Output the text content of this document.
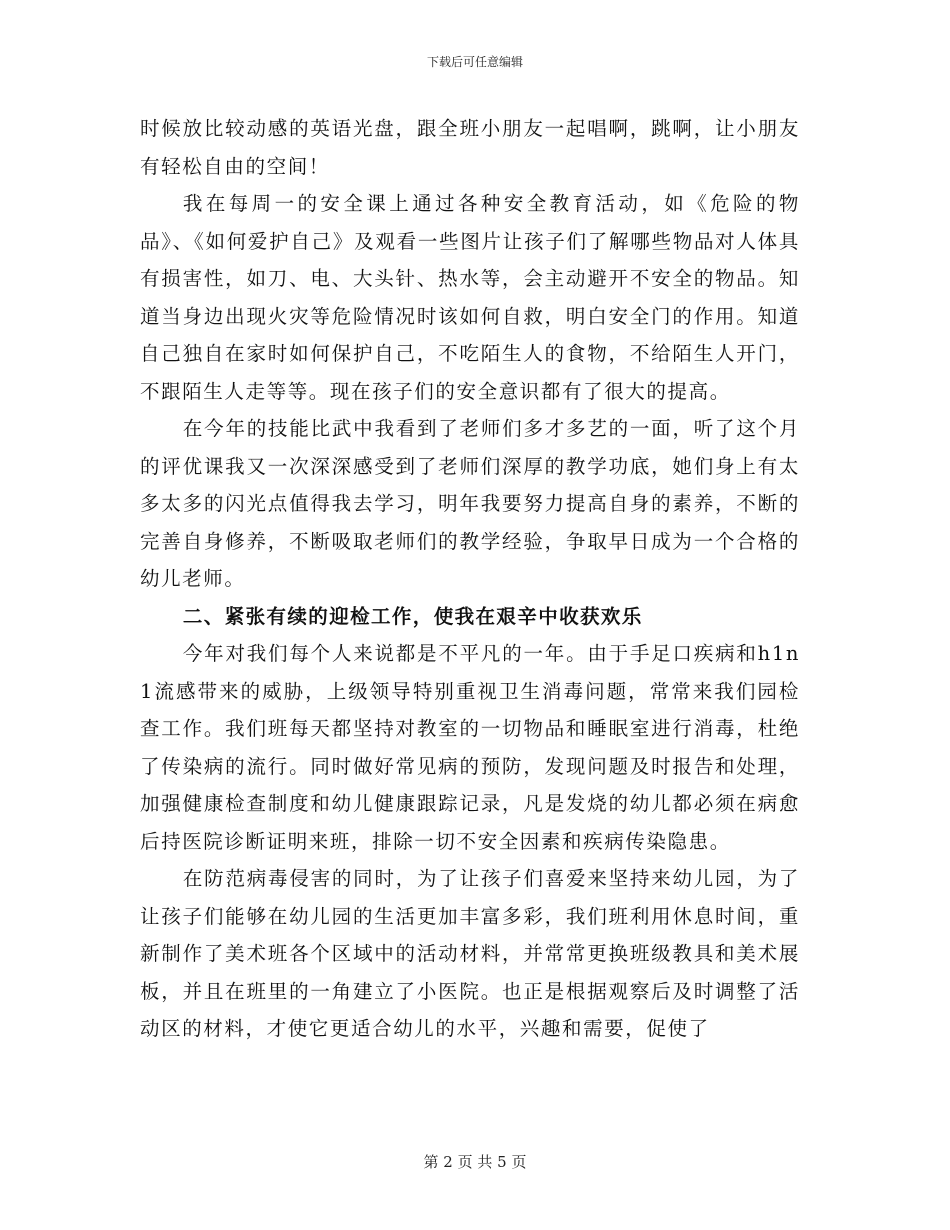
下载后可任意编辑

时候放比较动感的英语光盘，跟全班小朋友一起唱啊，跳啊，让小朋友有轻松自由的空间！

我在每周一的安全课上通过各种安全教育活动，如《危险的物品》、《如何爱护自己》及观看一些图片让孩子们了解哪些物品对人体具有损害性，如刀、电、大头针、热水等，会主动避开不安全的物品。知道当身边出现火灾等危险情况时该如何自救，明白安全门的作用。知道自己独自在家时如何保护自己，不吃陌生人的食物，不给陌生人开门，不跟陌生人走等等。现在孩子们的安全意识都有了很大的提高。

在今年的技能比武中我看到了老师们多才多艺的一面，听了这个月的评优课我又一次深深感受到了老师们深厚的教学功底，她们身上有太多太多的闪光点值得我去学习，明年我要努力提高自身的素养，不断的完善自身修养，不断吸取老师们的教学经验，争取早日成为一个合格的幼儿老师。

二、紧张有续的迎检工作，使我在艰辛中收获欢乐

今年对我们每个人来说都是不平凡的一年。由于手足口疾病和h1n1流感带来的威胁，上级领导特别重视卫生消毒问题，常常来我们园检查工作。我们班每天都坚持对教室的一切物品和睡眠室进行消毒，杜绝了传染病的流行。同时做好常见病的预防，发现问题及时报告和处理，加强健康检查制度和幼儿健康跟踪记录，凡是发烧的幼儿都必须在病愈后持医院诊断证明来班，排除一切不安全因素和疾病传染隐患。

在防范病毒侵害的同时，为了让孩子们喜爱来坚持来幼儿园，为了让孩子们能够在幼儿园的生活更加丰富多彩，我们班利用休息时间，重新制作了美术班各个区域中的活动材料，并常常更换班级教具和美术展板，并且在班里的一角建立了小医院。也正是根据观察后及时调整了活动区的材料，才使它更适合幼儿的水平，兴趣和需要，促使了

第 2 页 共 5 页
